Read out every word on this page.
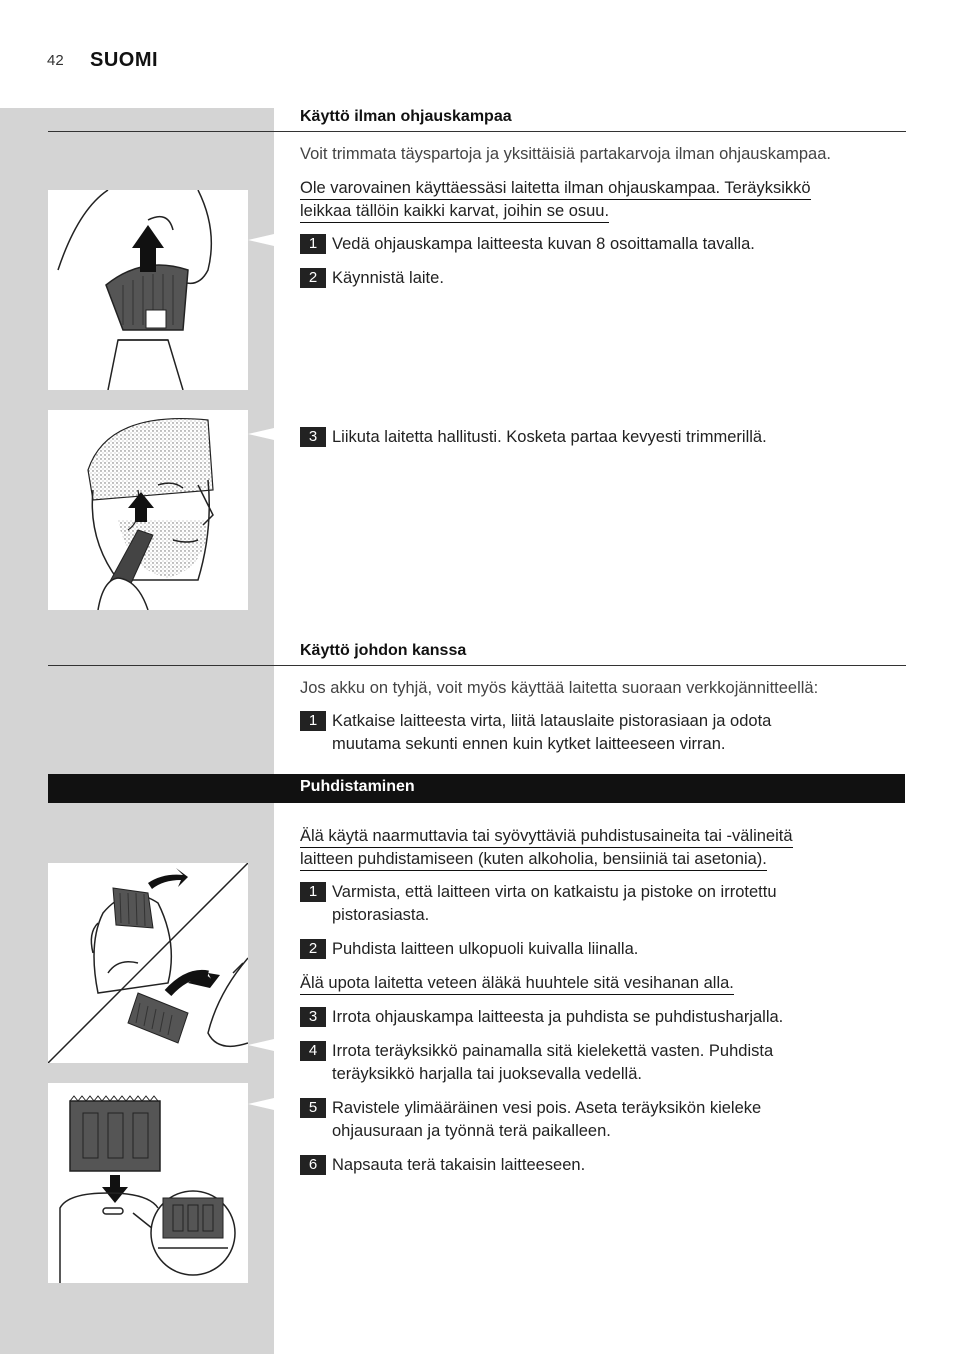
42 SUOMI
Käyttö ilman ohjauskampaa
Voit trimmata täyspartoja ja yksittäisiä partakarvoja ilman ohjauskampaa.
Ole varovainen käyttäessäsi laitetta ilman ohjauskampaa. Teräyksikkö
leikkaa tällöin kaikki karvat, joihin se osuu.
1 Vedä ohjauskampa laitteesta kuvan 8 osoittamalla tavalla.
2 Käynnistä laite.
3 Liikuta laitetta hallitusti. Kosketa partaa kevyesti trimmerillä.
Käyttö johdon kanssa
Jos akku on tyhjä, voit myös käyttää laitetta suoraan verkkojännitteellä:
1 Katkaise laitteesta virta, liitä latauslaite pistorasiaan ja odota
muutama sekunti ennen kuin kytket laitteeseen virran.
Puhdistaminen
Älä käytä naarmuttavia tai syövyttäviä puhdistusaineita tai -välineitä
laitteen puhdistamiseen (kuten alkoholia, bensiiniä tai asetonia).
1 Varmista, että laitteen virta on katkaistu ja pistoke on irrotettu
pistorasiasta.
2 Puhdista laitteen ulkopuoli kuivalla liinalla.
Älä upota laitetta veteen äläkä huuhtele sitä vesihanan alla.
3 Irrota ohjauskampa laitteesta ja puhdista se puhdistusharjalla.
4 Irrota teräyksikkö painamalla sitä kielekettä vasten. Puhdista
teräyksikkö harjalla tai juoksevalla vedellä.
5 Ravistele ylimääräinen vesi pois. Aseta teräyksikön kieleke
ohjausuraan ja työnnä terä paikalleen.
6 Napsauta terä takaisin laitteeseen.
